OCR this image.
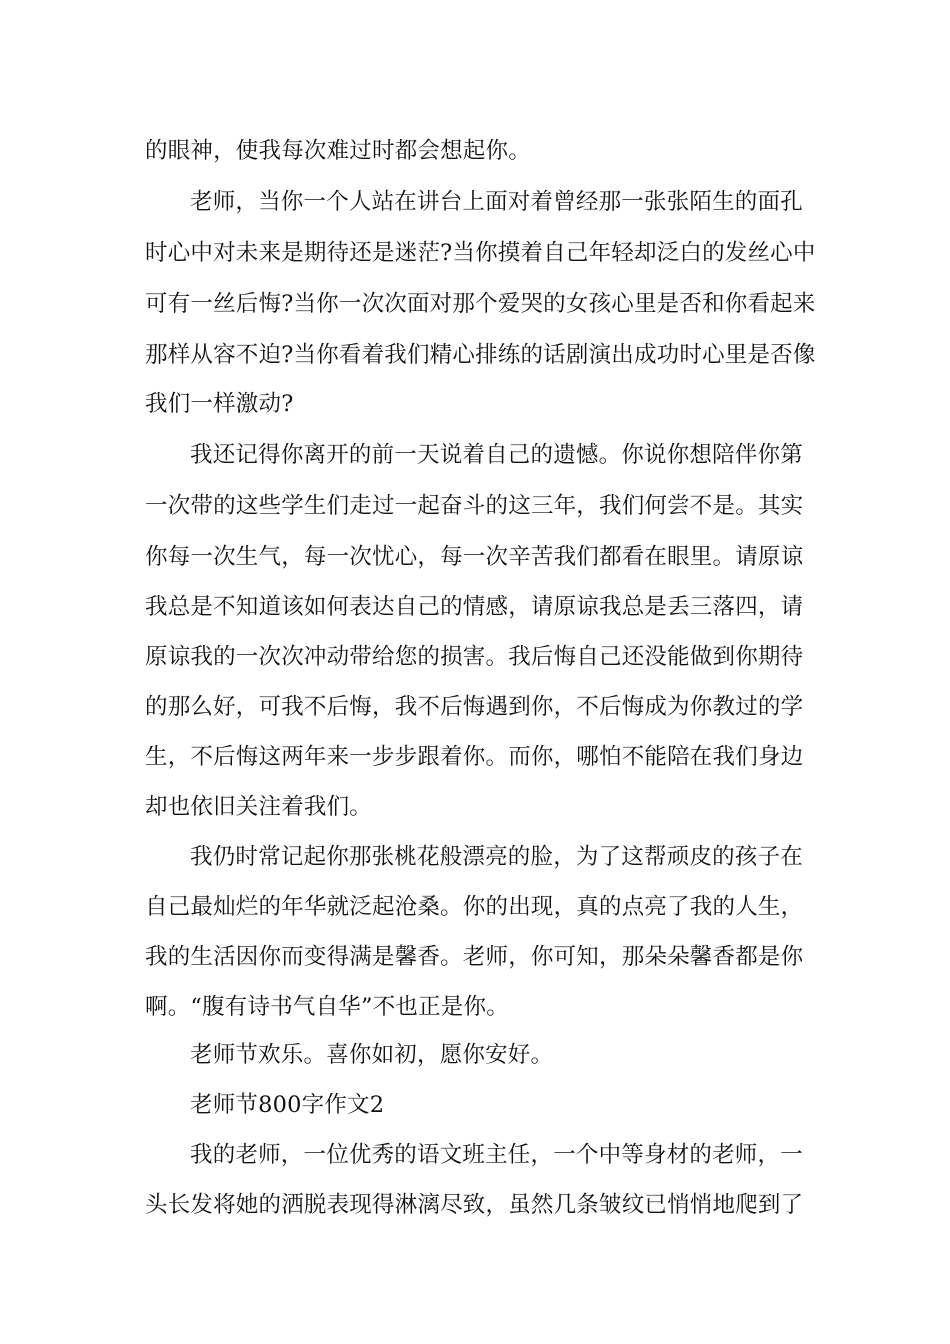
的眼神，使我每次难过时都会想起你。
老师，当你一个人站在讲台上面对着曾经那一张张陌生的面孔
时心中对未来是期待还是迷茫?当你摸着自己年轻却泛白的发丝心中
可有一丝后悔?当你一次次面对那个爱哭的女孩心里是否和你看起来
那样从容不迫?当你看着我们精心排练的话剧演出成功时心里是否像
我们一样激动?
我还记得你离开的前一天说着自己的遗憾。你说你想陪伴你第
一次带的这些学生们走过一起奋斗的这三年，我们何尝不是。其实
你每一次生气，每一次忧心，每一次辛苦我们都看在眼里。请原谅
我总是不知道该如何表达自己的情感，请原谅我总是丢三落四，请
原谅我的一次次冲动带给您的损害。我后悔自己还没能做到你期待
的那么好，可我不后悔，我不后悔遇到你，不后悔成为你教过的学
生，不后悔这两年来一步步跟着你。而你，哪怕不能陪在我们身边
却也依旧关注着我们。
我仍时常记起你那张桃花般漂亮的脸，为了这帮顽皮的孩子在
自己最灿烂的年华就泛起沧桑。你的出现，真的点亮了我的人生，
我的生活因你而变得满是馨香。老师，你可知，那朵朵馨香都是你
啊。“腹有诗书气自华”不也正是你。
老师节欢乐。喜你如初，愿你安好。
老师节800字作文2
我的老师，一位优秀的语文班主任，一个中等身材的老师，一
头长发将她的洒脱表现得淋漓尽致，虽然几条皱纹已悄悄地爬到了
